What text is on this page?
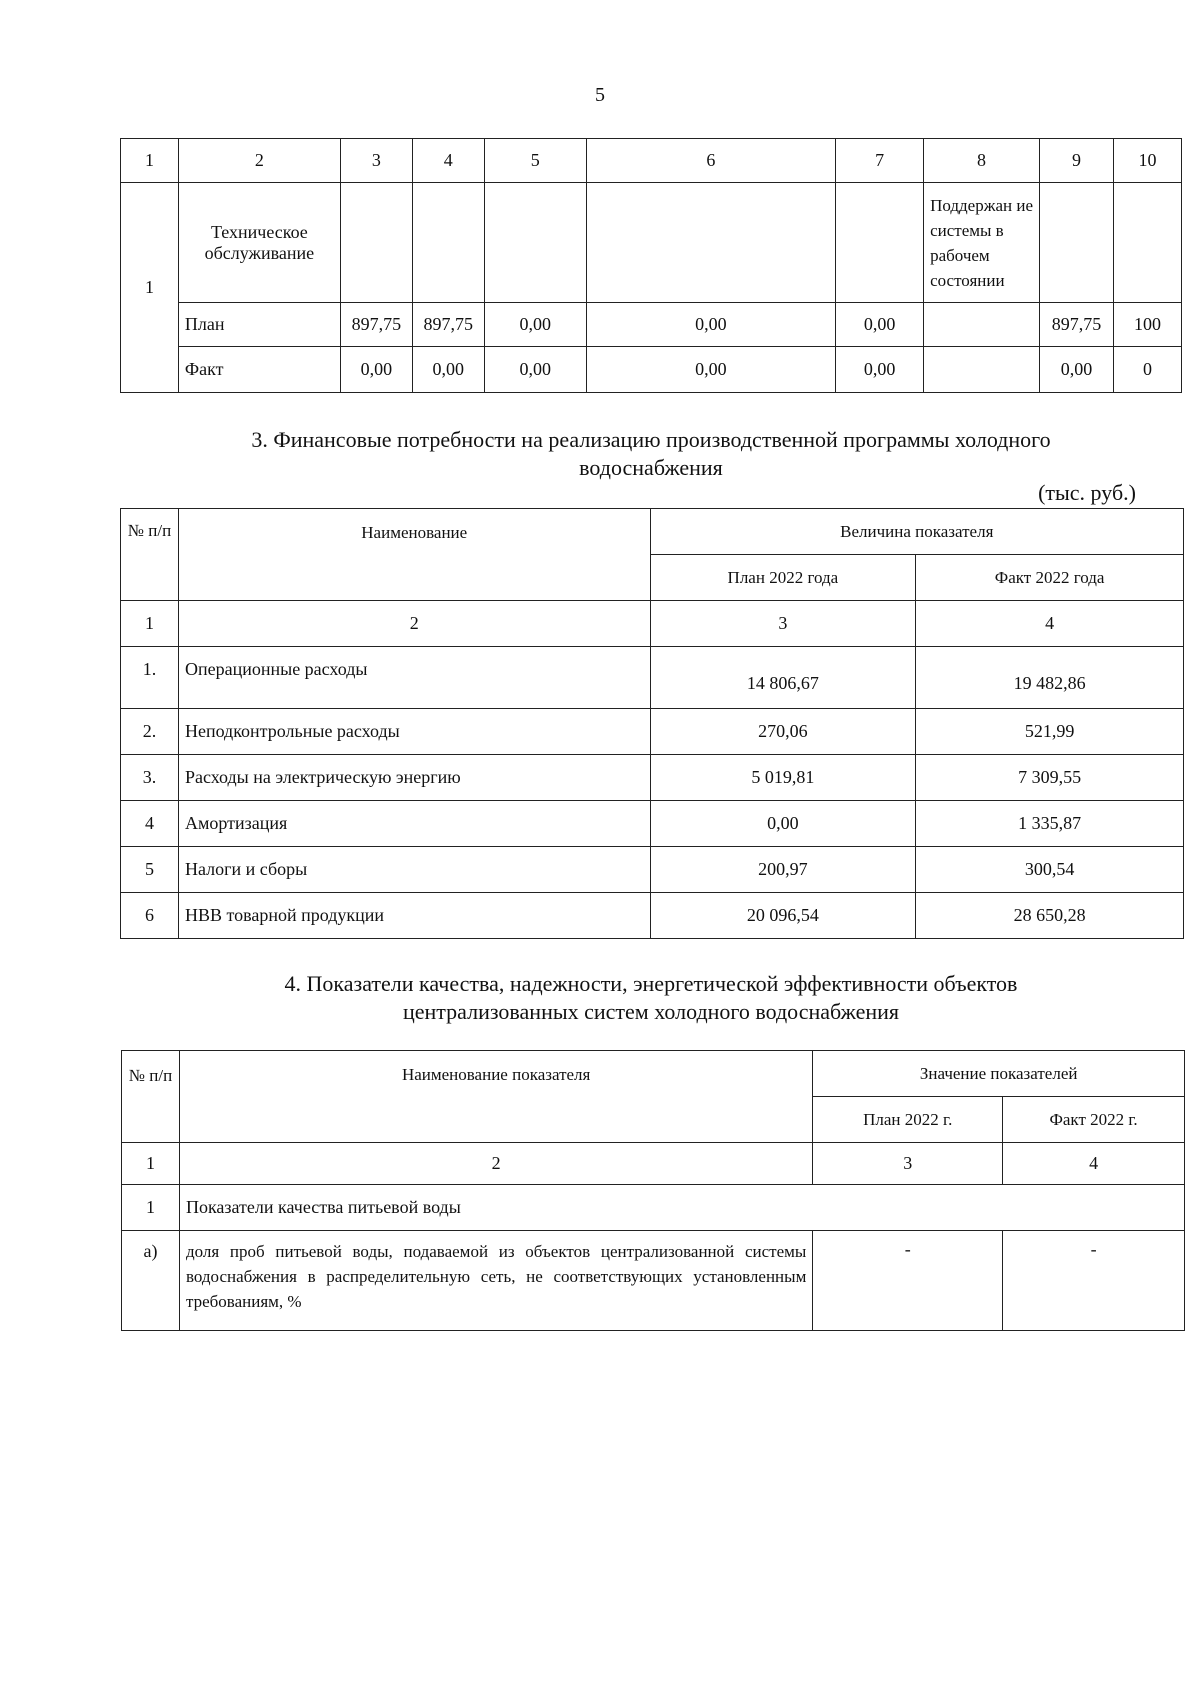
5
1	2	3	4	5	6	7	8	9	10
1	Техническое обслуживание						Поддержан ие системы в рабочем состоянии		
	План	897,75	897,75	0,00	0,00	0,00		897,75	100
	Факт	0,00	0,00	0,00	0,00	0,00		0,00	0
3. Финансовые потребности на реализацию производственной программы холодного
водоснабжения
(тыс. руб.)
№ п/п	Наименование	Величина показателя	
		План 2022 года	Факт 2022 года
1	2	3	4
1.	Операционные расходы	14 806,67	19 482,86
2.	Неподконтрольные расходы	270,06	521,99
3.	Расходы на электрическую энергию	5 019,81	7 309,55
4	Амортизация	0,00	1 335,87
5	Налоги и сборы	200,97	300,54
6	НВВ товарной продукции	20 096,54	28 650,28
4. Показатели качества, надежности, энергетической эффективности объектов
централизованных систем холодного водоснабжения
№ п/п	Наименование показателя	Значение показателей	
		План 2022 г.	Факт 2022 г.
1	2	3	4
1	Показатели качества питьевой воды		
а)	доля проб питьевой воды, подаваемой из объектов централизованной системы водоснабжения в распределительную сеть, не соответствующих установленным требованиям, %	-	-
